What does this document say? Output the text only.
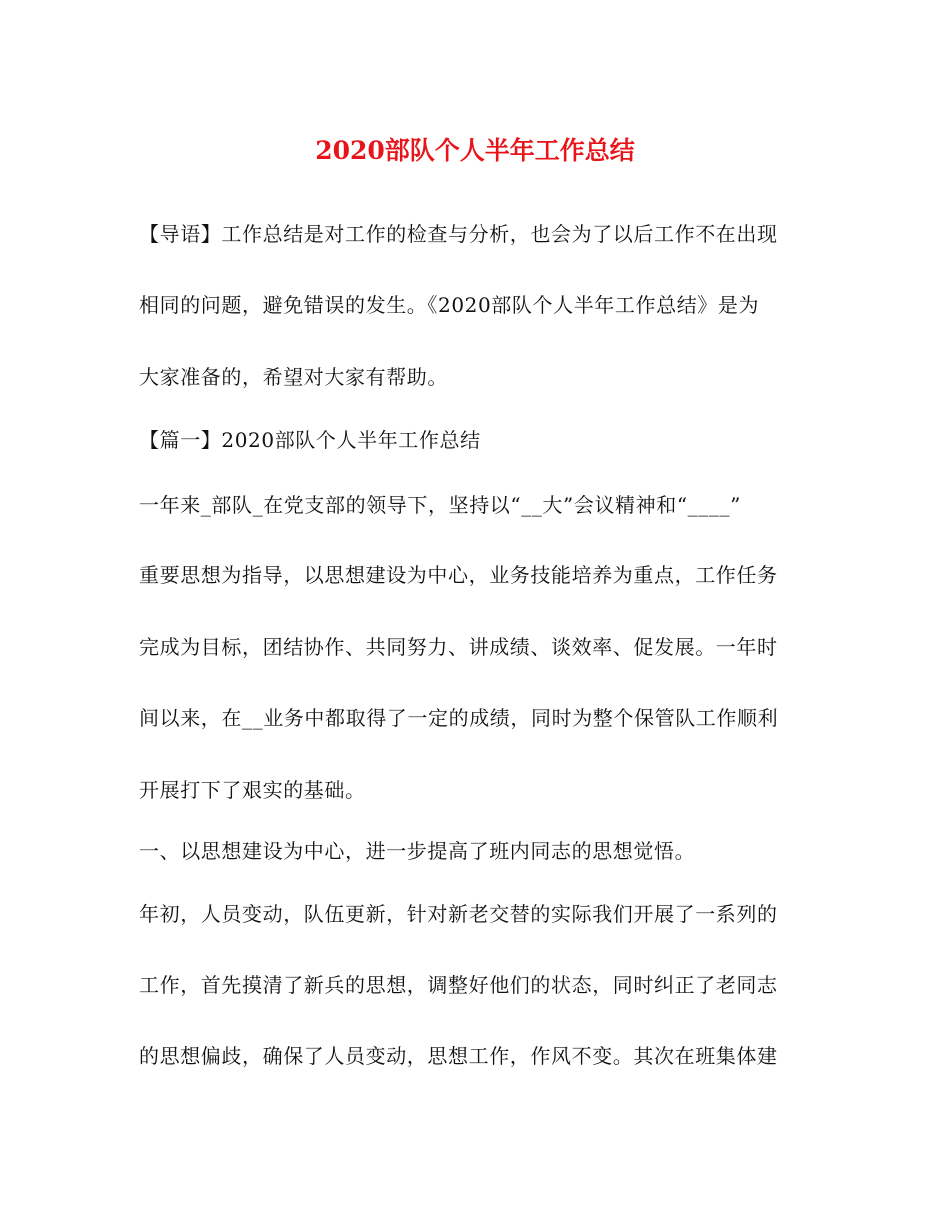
2020部队个人半年工作总结
【导语】工作总结是对工作的检查与分析，也会为了以后工作不在出现
相同的问题，避免错误的发生。《2020部队个人半年工作总结》是为
大家准备的，希望对大家有帮助。
【篇一】2020部队个人半年工作总结
一年来_部队_在党支部的领导下，坚持以“__大”会议精神和“____”
重要思想为指导，以思想建设为中心，业务技能培养为重点，工作任务
完成为目标，团结协作、共同努力、讲成绩、谈效率、促发展。一年时
间以来，在__业务中都取得了一定的成绩，同时为整个保管队工作顺利
开展打下了艰实的基础。
一、以思想建设为中心，进一步提高了班内同志的思想觉悟。
年初，人员变动，队伍更新，针对新老交替的实际我们开展了一系列的
工作，首先摸清了新兵的思想，调整好他们的状态，同时纠正了老同志
的思想偏歧，确保了人员变动，思想工作，作风不变。其次在班集体建
